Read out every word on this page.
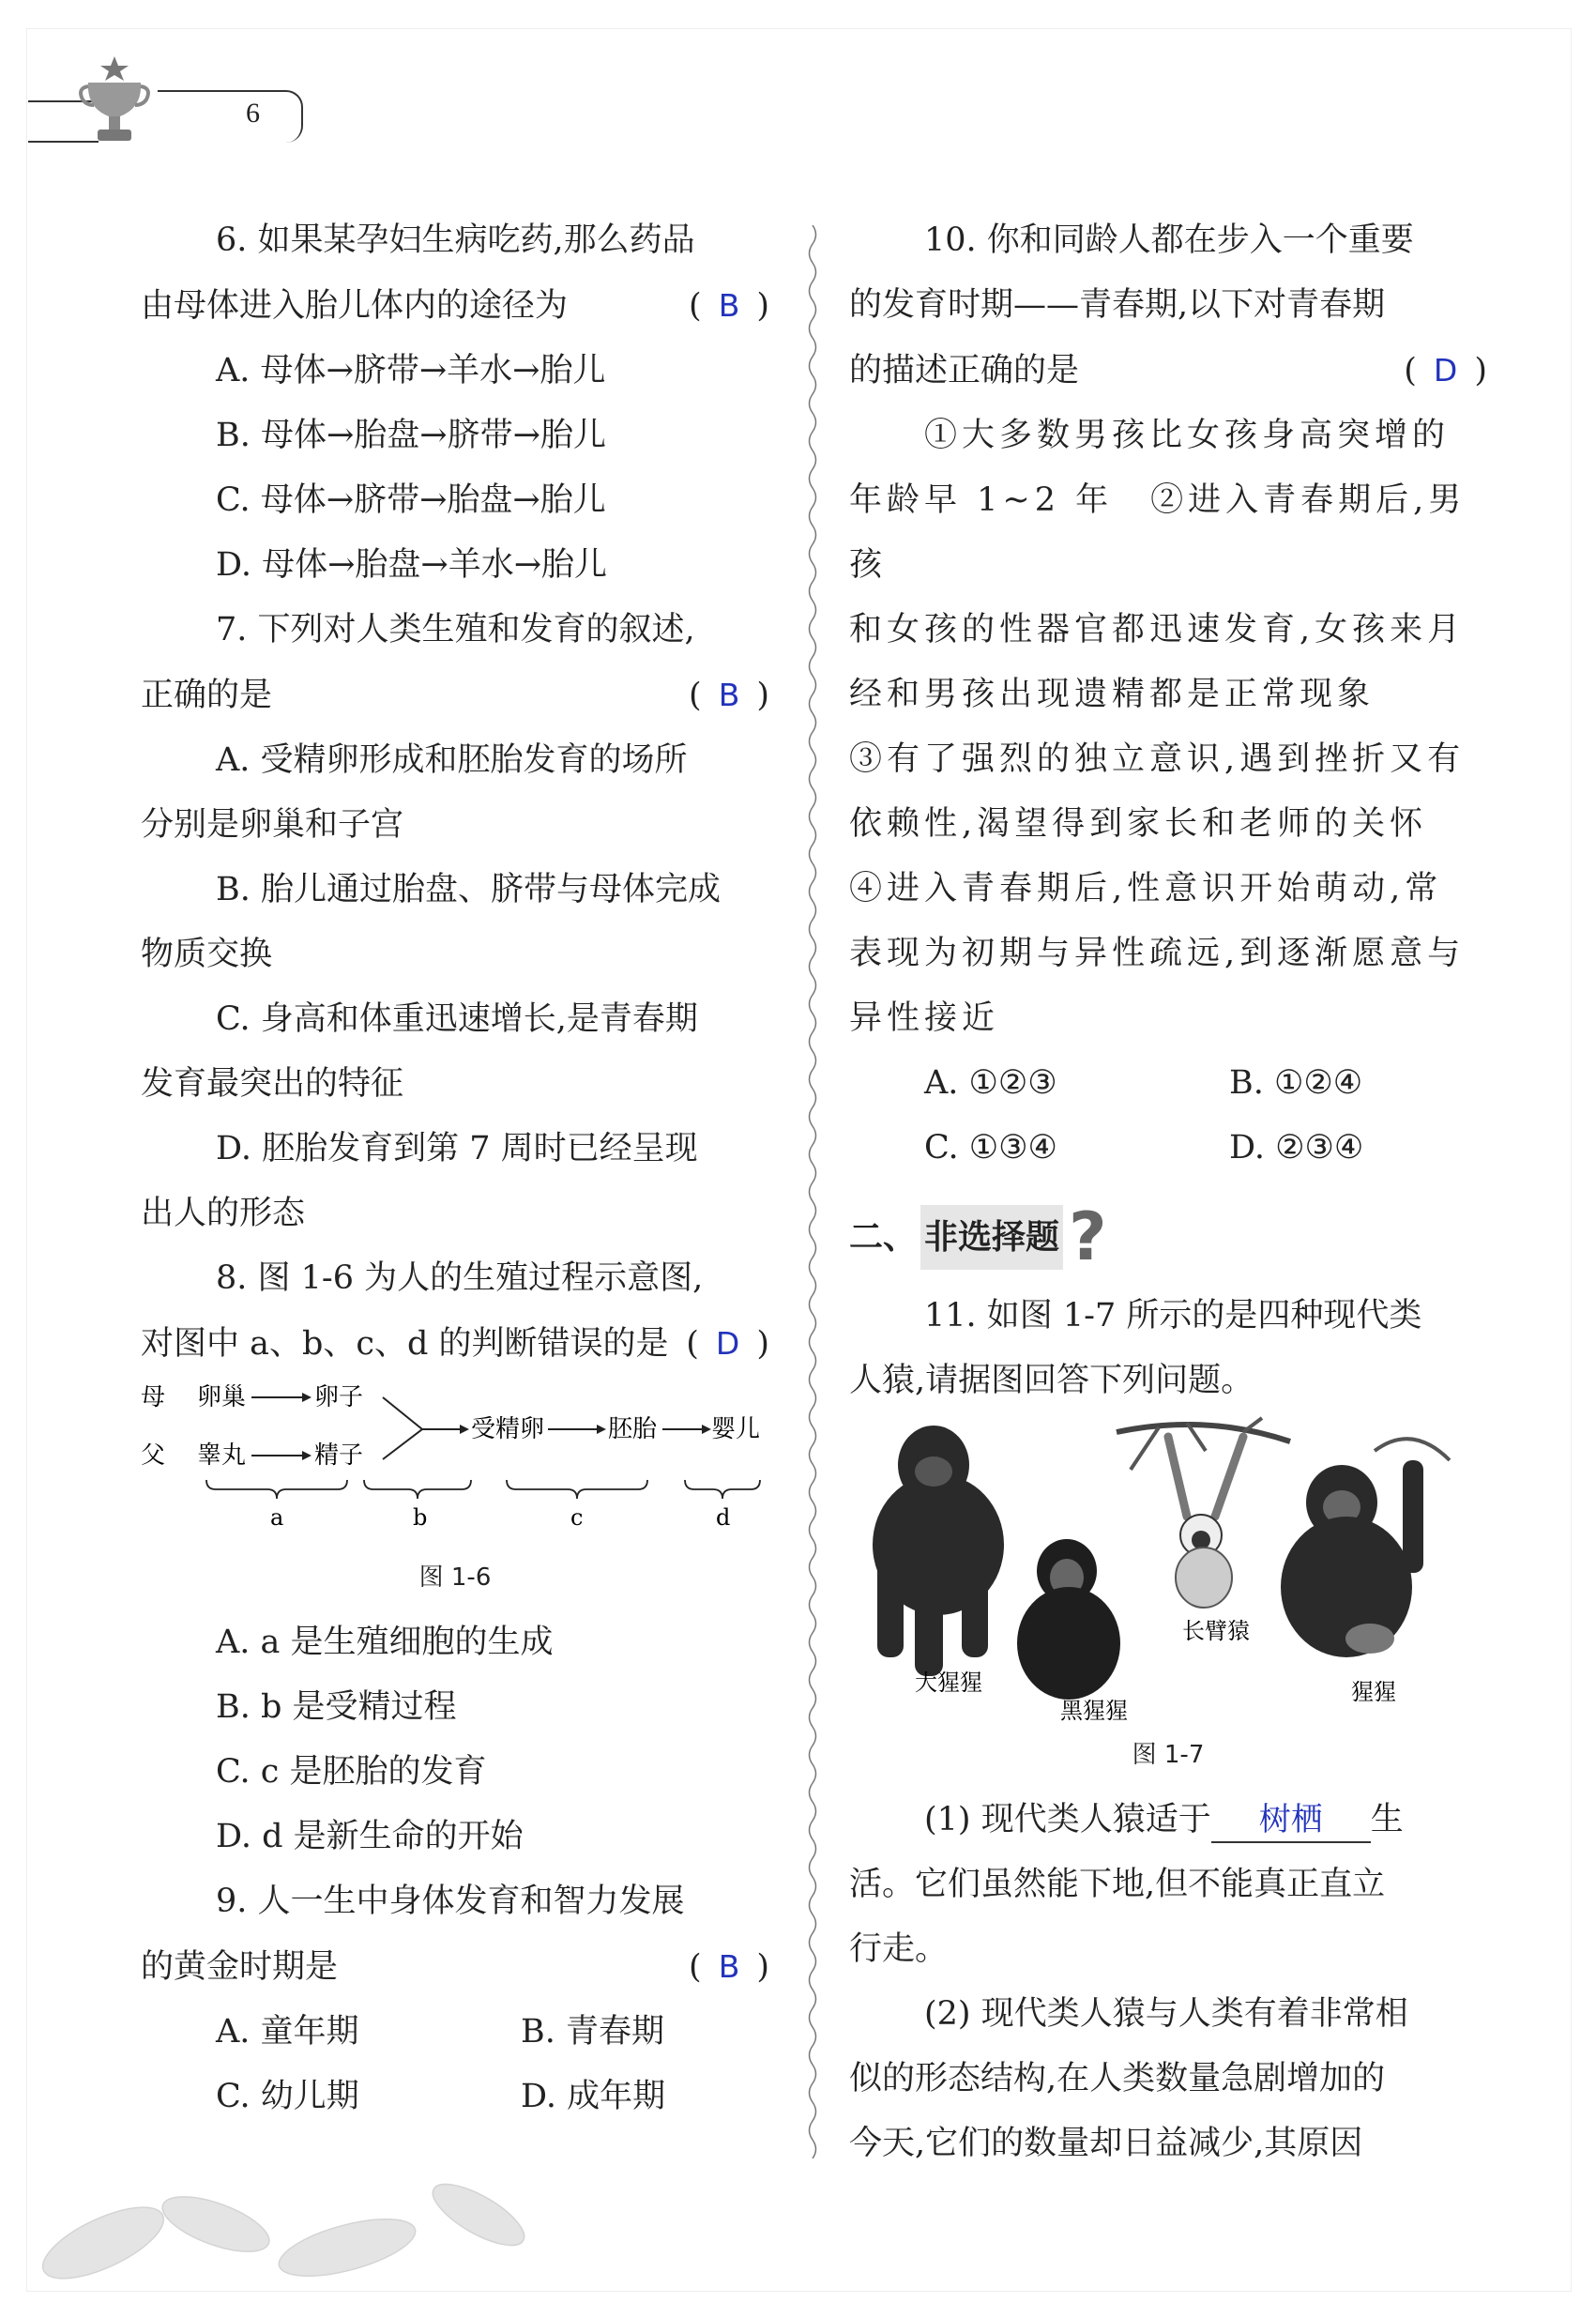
6

6. 如果某孕妇生病吃药,那么药品

由母体进入胎儿体内的途径为	( B )

A. 母体→脐带→羊水→胎儿

B. 母体→胎盘→脐带→胎儿

C. 母体→脐带→胎盘→胎儿

D. 母体→胎盘→羊水→胎儿

7. 下列对人类生殖和发育的叙述,

正确的是	( B )

A. 受精卵形成和胚胎发育的场所

分别是卵巢和子宫

B. 胎儿通过胎盘、脐带与母体完成

物质交换

C. 身高和体重迅速增长,是青春期

发育最突出的特征

D. 胚胎发育到第 7 周时已经呈现

出人的形态

8. 图 1-6 为人的生殖过程示意图,

对图中 a、b、c、d 的判断错误的是 ( D )

母
父
卵巢	卵子
睾丸	精子
受精卵	胚胎 婴儿
a	b	c	d

图 1-6

A. a 是生殖细胞的生成

B. b 是受精过程

C. c 是胚胎的发育

D. d 是新生命的开始

9. 人一生中身体发育和智力发展

的黄金时期是	( B )

A. 童年期	B. 青春期

C. 幼儿期	D. 成年期

10. 你和同龄人都在步入一个重要

的发育时期——青春期,以下对青春期

的描述正确的是	( D )

①大多数男孩比女孩身高突增的

年龄早 1~2 年　②进入青春期后,男孩

和女孩的性器官都迅速发育,女孩来月

经和男孩出现遗精都是正常现象

③有了强烈的独立意识,遇到挫折又有

依赖性,渴望得到家长和老师的关怀

④进入青春期后,性意识开始萌动,常

表现为初期与异性疏远,到逐渐愿意与

异性接近

A. ①②③	B. ①②④

C. ①③④	D. ②③④

二、 非选择题 ?

11. 如图 1-7 所示的是四种现代类

人猿,请据图回答下列问题。

大猩猩
黑猩猩
长臂猿
猩猩

图 1-7

(1) 现代类人猿适于 树栖 生

活。它们虽然能下地,但不能真正直立

行走。

(2) 现代类人猿与人类有着非常相

似的形态结构,在人类数量急剧增加的

今天,它们的数量却日益减少,其原因
